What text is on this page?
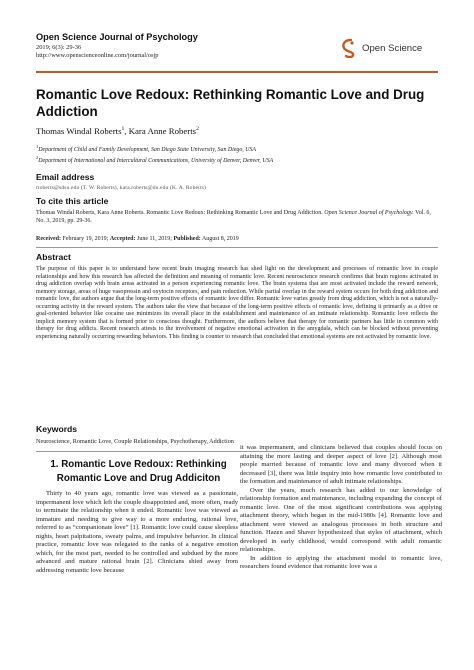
Open Science Journal of Psychology
2019; 6(3): 29-36
http://www.openscienceonline.com/journal/osjp
Open Science
Romantic Love Redoux: Rethinking Romantic Love and Drug Addiction
Thomas Windal Roberts$^1$, Kara Anne Roberts$^2$
$^1$Department of Child and Family Development, San Diego State University, San Diego, USA
$^2$Department of International and Intercultural Communications, University of Denver, Denver, USA
Email address
troberts@sdsu.edu (T. W. Roberts), kara.roberts@du.edu (K. A. Roberts)
To cite this article
Thomas Windal Roberts, Kara Anne Roberts. Romantic Love Redoux: Rethinking Romantic Love and Drug Addiction. Open Science Journal of Psychology. Vol. 6, No. 3, 2019, pp. 29-36.
Received: February 19, 2019; Accepted: June 11, 2019; Published: August 8, 2019
Abstract
The purpose of this paper is to understand how recent brain imaging research has shed light on the development and processes of romantic love in couple relationships and how this research has affected the definition and meaning of romantic love. Recent neuroscience research confirms that brain regions activated in drug addiction overlap with brain areas activated in a person experiencing romantic love. The brain systems that are most activated include the reward network, memory storage, areas of huge vasopressin and oxytocin receptors, and pain reduction. While partial overlap in the reward system occurs for both drug addiction and romantic love, the authors argue that the long-term positive effects of romantic love differ. Romantic love varies greatly from drug addiction, which is not a naturally-occurring activity in the reward system. The authors take the view that because of the long-term positive effects of romantic love, defining it primarily as a drive or goal-oriented behavior like cocaine use minimizes its overall place in the establishment and maintenance of an intimate relationship. Romantic love reflects the implicit memory system that is formed prior to conscious thought. Furthermore, the authors believe that therapy for romantic partners has little in common with therapy for drug addicts. Recent research attests to the involvement of negative emotional activation in the amygdala, which can be blocked without preventing experiencing naturally occurring rewarding behaviors. This finding is counter to research that concluded that emotional systems are not activated by romantic love.
Keywords
Neuroscience, Romantic Love, Couple Relationships, Psychotherapy, Addiction
1. Romantic Love Redoux: Rethinking Romantic Love and Drug Addiciton

Thirty to 40 years ago, romantic love was viewed as a passionate, impermanent love which left the couple disappointed and, more often, ready to terminate the relationship when it ended. Romantic love was viewed as immature and needing to give way to a more enduring, rational love, referred to as “companionate love” [1]. Romantic love could cause sleepless nights, heart palpitations, sweaty palms, and impulsive behavior. In clinical practice, romantic love was relegated to the ranks of a negative emotion which, for the most part, needed to be controlled and subdued by the more advanced and mature rational brain [2]. Clinicians shied away from addressing romantic love because

it was impermanent, and clinicians believed that couples should focus on attaining the more lasting and deeper aspect of love [2]. Although most people married because of romantic love and many divorced when it decreased [3], there was little inquiry into how romantic love contributed to the formation and maintenance of adult intimate relationships.

Over the years, much research has added to our knowledge of relationship formation and maintenance, including expanding the concept of romantic love. One of the most significant contributions was applying attachment theory, which began in the mid-1980s [4]. Romantic love and attachment were viewed as analogous processes in both structure and function. Hazen and Shaver hypothesized that styles of attachment, which developed in early childhood, would correspond with adult romantic relationships.

In addition to applying the attachment model to romantic love, researchers found evidence that romantic love was a
